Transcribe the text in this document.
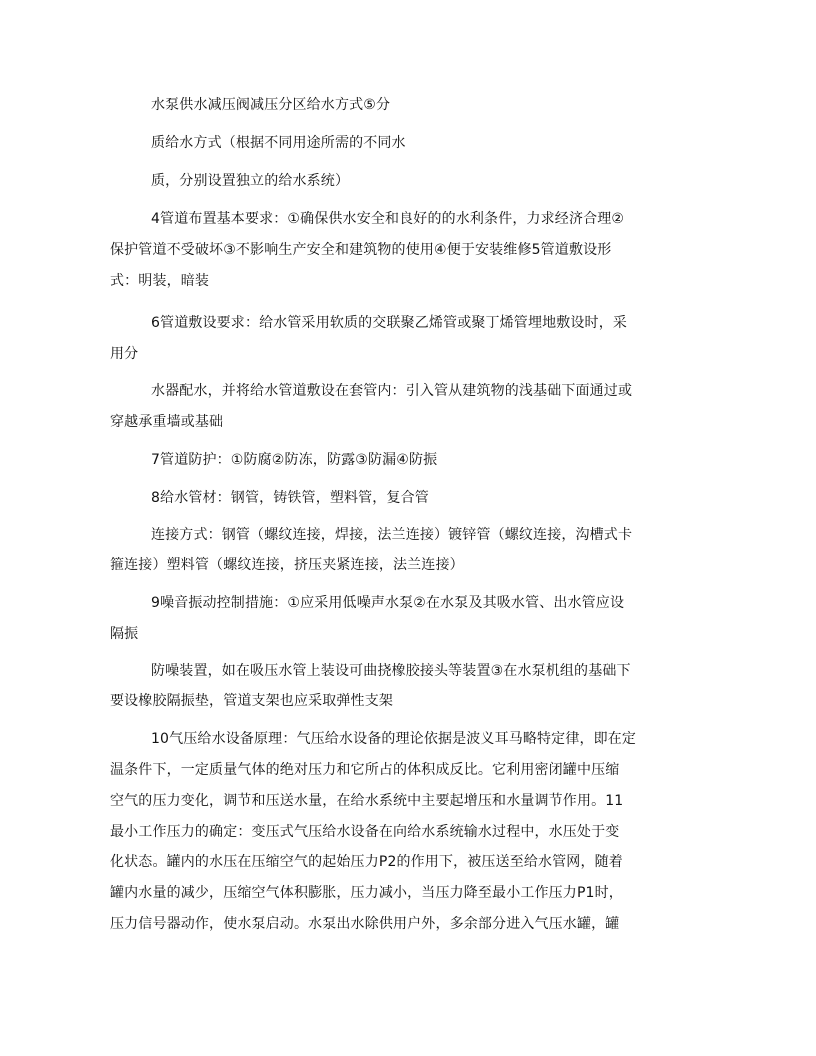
水泵供水减压阀减压分区给水方式⑤分
质给水方式（根据不同用途所需的不同水
质，分别设置独立的给水系统）
4管道布置基本要求：①确保供水安全和良好的的水利条件，力求经济合理②
保护管道不受破坏③不影响生产安全和建筑物的使用④便于安装维修5管道敷设形
式：明装，暗装
6管道敷设要求：给水管采用软质的交联聚乙烯管或聚丁烯管埋地敷设时，采
用分
水器配水，并将给水管道敷设在套管内：引入管从建筑物的浅基础下面通过或
穿越承重墙或基础
7管道防护：①防腐②防冻，防露③防漏④防振
8给水管材：钢管，铸铁管，塑料管，复合管
连接方式：钢管（螺纹连接，焊接，法兰连接）镀锌管（螺纹连接，沟槽式卡
箍连接）塑料管（螺纹连接，挤压夹紧连接，法兰连接）
9噪音振动控制措施：①应采用低噪声水泵②在水泵及其吸水管、出水管应设
隔振
防噪装置，如在吸压水管上装设可曲挠橡胶接头等装置③在水泵机组的基础下
要设橡胶隔振垫，管道支架也应采取弹性支架
10气压给水设备原理：气压给水设备的理论依据是波义耳马略特定律，即在定
温条件下，一定质量气体的绝对压力和它所占的体积成反比。它利用密闭罐中压缩
空气的压力变化，调节和压送水量，在给水系统中主要起增压和水量调节作用。11
最小工作压力的确定：变压式气压给水设备在向给水系统输水过程中，水压处于变
化状态。罐内的水压在压缩空气的起始压力P2的作用下，被压送至给水管网，随着
罐内水量的减少，压缩空气体积膨胀，压力减小，当压力降至最小工作压力P1时，
压力信号器动作，使水泵启动。水泵出水除供用户外，多余部分进入气压水罐，罐
